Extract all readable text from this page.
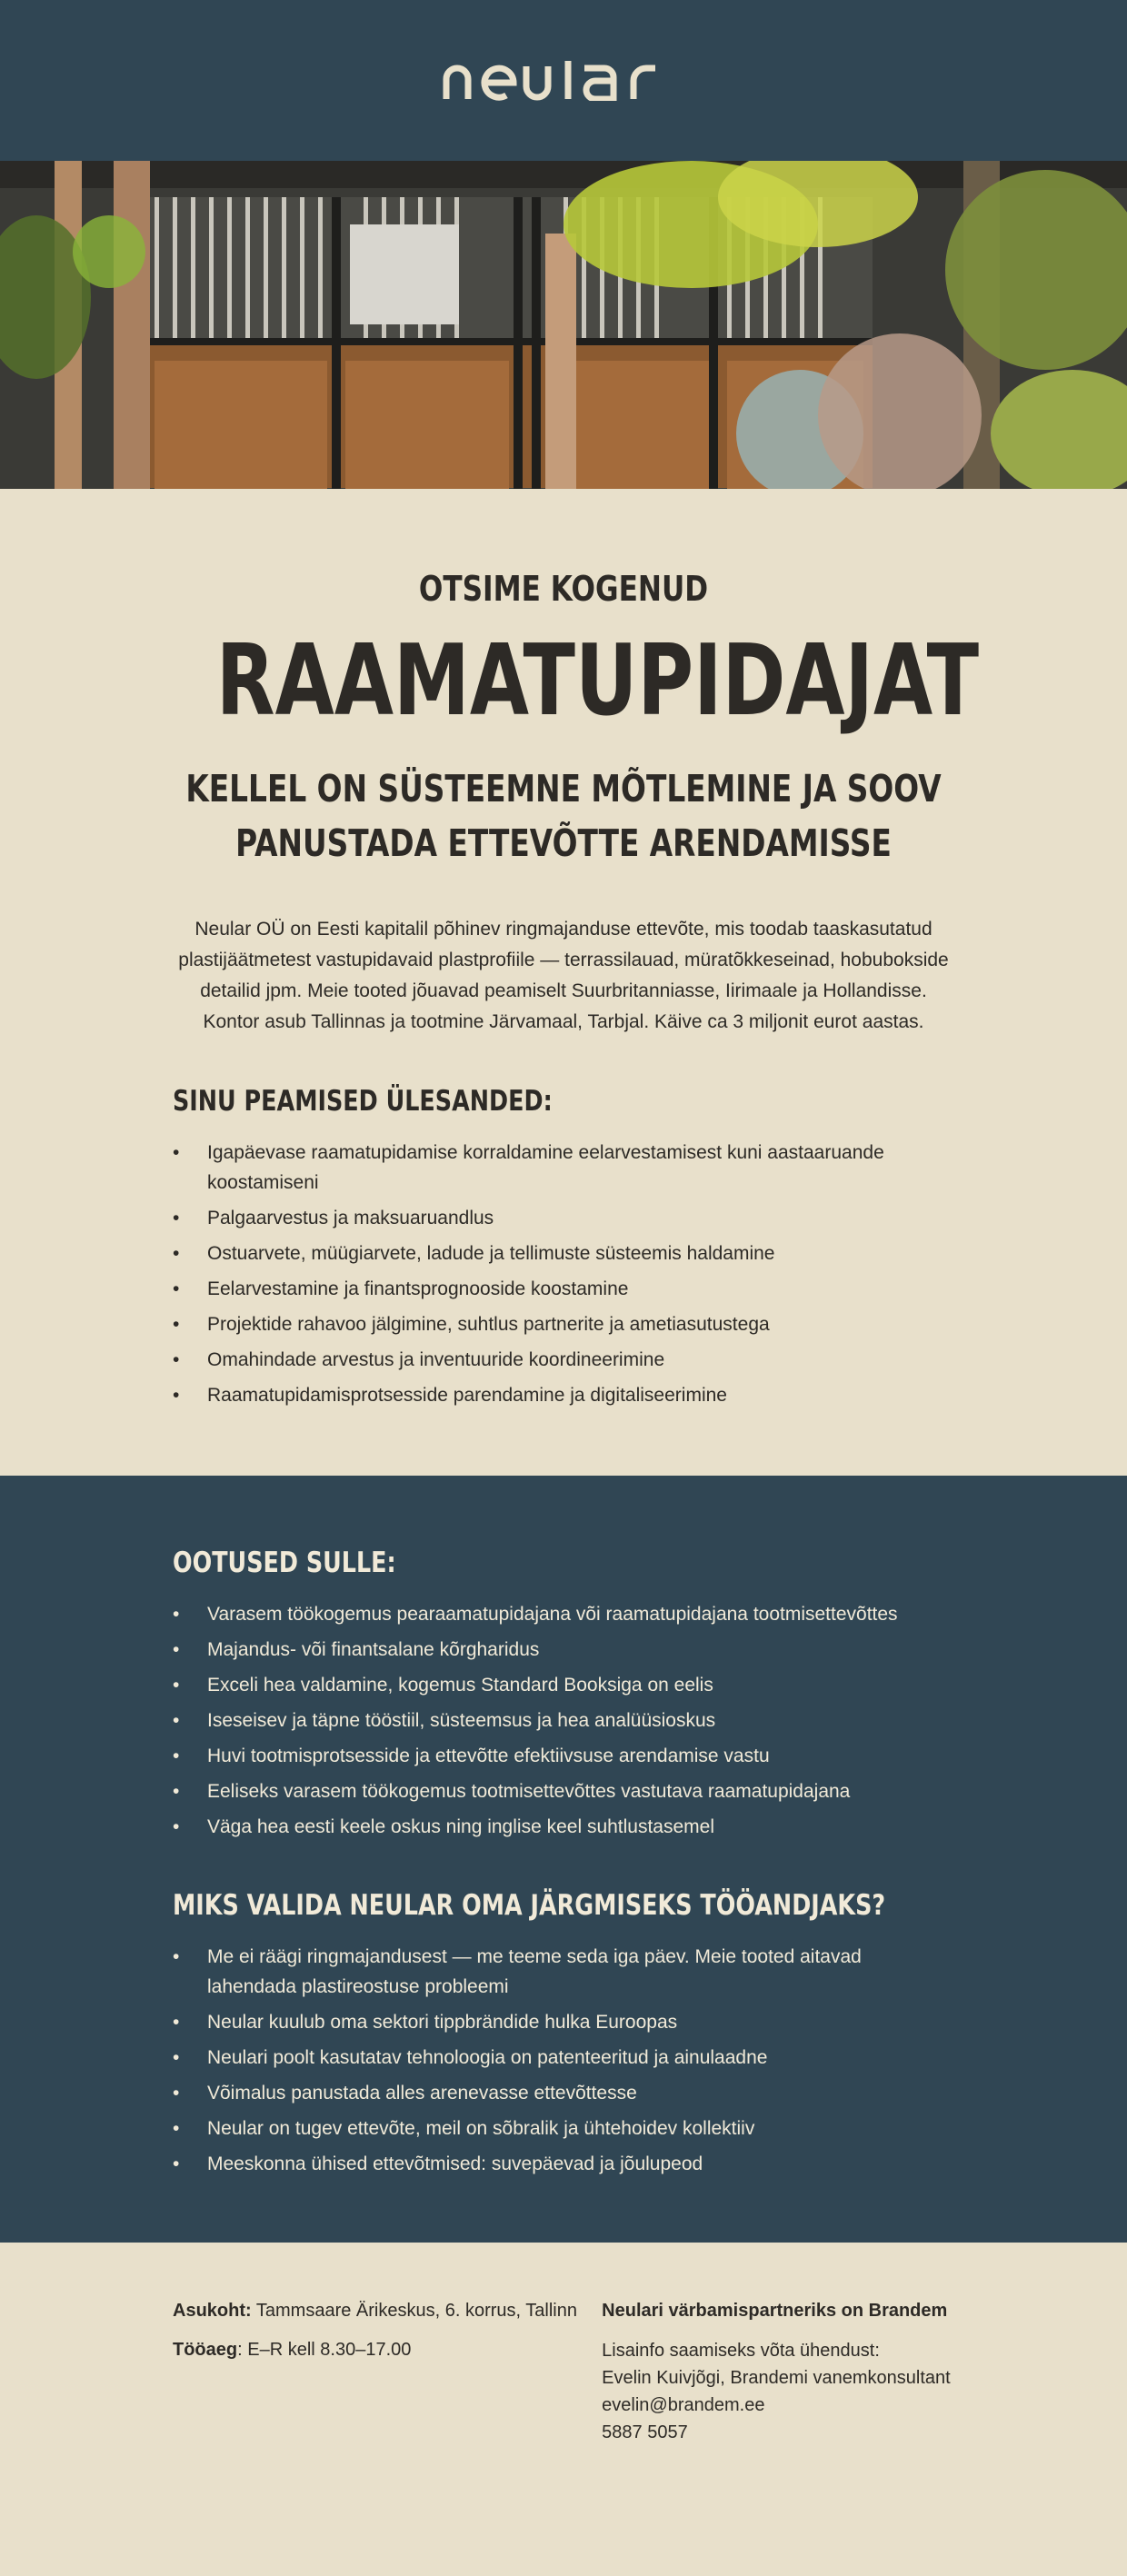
OTSIME KOGENUD
RAAMATUPIDAJAT
KELLEL ON SÜSTEEMNE MÕTLEMINE JA SOOV
PANUSTADA ETTEVÕTTE ARENDAMISSE
Neular OÜ on Eesti kapitalil põhinev ringmajanduse ettevõte, mis toodab taaskasutatud
plastijäätmetest vastupidavaid plastprofiile — terrassilauad, müratõkkeseinad, hobubokside
detailid jpm. Meie tooted jõuavad peamiselt Suurbritanniasse, Iirimaale ja Hollandisse.
Kontor asub Tallinnas ja tootmine Järvamaal, Tarbjal. Käive ca 3 miljonit eurot aastas.
SINU PEAMISED ÜLESANDED:
• Igapäevase raamatupidamise korraldamine eelarvestamisest kuni aastaaruande koostamiseni
• Palgaarvestus ja maksuaruandlus
• Ostuarvete, müügiarvete, ladude ja tellimuste süsteemis haldamine
• Eelarvestamine ja finantsprognooside koostamine
• Projektide rahavoo jälgimine, suhtlus partnerite ja ametiasutustega
• Omahindade arvestus ja inventuuride koordineerimine
• Raamatupidamisprotsesside parendamine ja digitaliseerimine
OOTUSED SULLE:
• Varasem töökogemus pearaamatupidajana või raamatupidajana tootmisettevõttes
• Majandus- või finantsalane kõrgharidus
• Exceli hea valdamine, kogemus Standard Booksiga on eelis
• Iseseisev ja täpne tööstiil, süsteemsus ja hea analüüsioskus
• Huvi tootmisprotsesside ja ettevõtte efektiivsuse arendamise vastu
• Eeliseks varasem töökogemus tootmisettevõttes vastutava raamatupidajana
• Väga hea eesti keele oskus ning inglise keel suhtlustasemel
MIKS VALIDA NEULAR OMA JÄRGMISEKS TÖÖANDJAKS?
• Me ei räägi ringmajandusest — me teeme seda iga päev. Meie tooted aitavad lahendada plastireostuse probleemi
• Neular kuulub oma sektori tippbrändide hulka Euroopas
• Neulari poolt kasutatav tehnoloogia on patenteeritud ja ainulaadne
• Võimalus panustada alles arenevasse ettevõttesse
• Neular on tugev ettevõte, meil on sõbralik ja ühtehoidev kollektiiv
• Meeskonna ühised ettevõtmised: suvepäevad ja jõulupeod

Asukoht: Tammsaare Ärikeskus, 6. korrus, Tallinn

Tööaeg: E–R kell 8.30–17.00

Neulari värbamispartneriks on Brandem
Lisainfo saamiseks võta ühendust:
Evelin Kuivjõgi, Brandemi vanemkonsultant
evelin@brandem.ee
5887 5057
